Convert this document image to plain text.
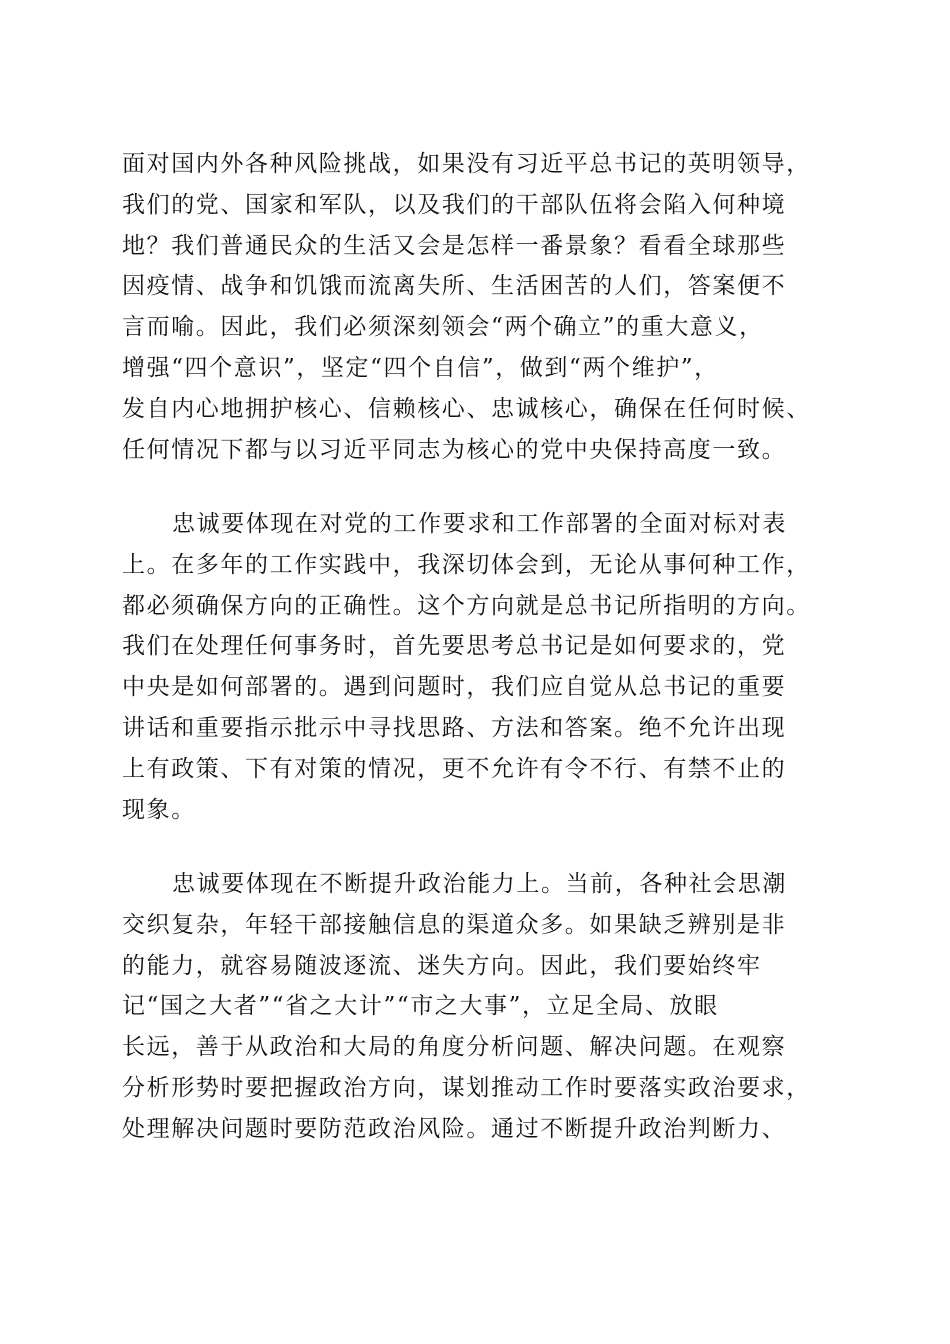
面对国内外各种风险挑战，如果没有习近平总书记的英明领导，
我们的党、国家和军队，以及我们的干部队伍将会陷入何种境
地？我们普通民众的生活又会是怎样一番景象？看看全球那些
因疫情、战争和饥饿而流离失所、生活困苦的人们，答案便不
言而喻。因此，我们必须深刻领会“两个确立”的重大意义，
增强“四个意识”，坚定“四个自信”，做到“两个维护”，
发自内心地拥护核心、信赖核心、忠诚核心，确保在任何时候、
任何情况下都与以习近平同志为核心的党中央保持高度一致。
忠诚要体现在对党的工作要求和工作部署的全面对标对表
上。在多年的工作实践中，我深切体会到，无论从事何种工作，
都必须确保方向的正确性。这个方向就是总书记所指明的方向。
我们在处理任何事务时，首先要思考总书记是如何要求的，党
中央是如何部署的。遇到问题时，我们应自觉从总书记的重要
讲话和重要指示批示中寻找思路、方法和答案。绝不允许出现
上有政策、下有对策的情况，更不允许有令不行、有禁不止的
现象。
忠诚要体现在不断提升政治能力上。当前，各种社会思潮
交织复杂，年轻干部接触信息的渠道众多。如果缺乏辨别是非
的能力，就容易随波逐流、迷失方向。因此，我们要始终牢
记“国之大者”“省之大计”“市之大事”，立足全局、放眼
长远，善于从政治和大局的角度分析问题、解决问题。在观察
分析形势时要把握政治方向，谋划推动工作时要落实政治要求，
处理解决问题时要防范政治风险。通过不断提升政治判断力、
